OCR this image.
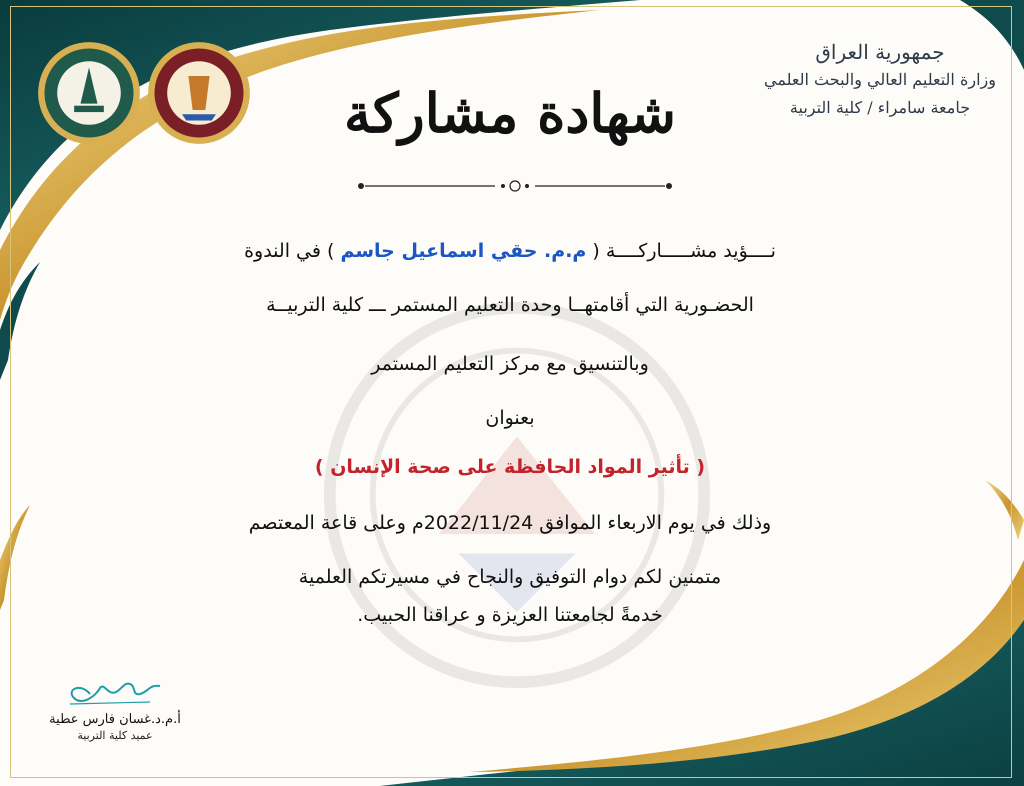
جمهورية العراق
وزارة التعليم العالي والبحث العلمي
جامعة سامراء / كلية التربية
شهادة مشاركة
نــــؤيد مشـــــاركــــة ( م.م. حقي اسماعيل جاسم ) في الندوة
الحضـورية التي أقامتهــا وحدة التعليم المستمر ـــ كلية التربيــة
وبالتنسيق مع مركز التعليم المستمر
بعنوان
( تأثير المواد الحافظة على صحة الإنسان )
وذلك في يوم الاربعاء الموافق 2022/11/24م وعلى قاعة المعتصم
متمنين لكم دوام التوفيق والنجاح في مسيرتكم العلمية
خدمةً لجامعتنا العزيزة و عراقنا الحبيب.
أ.م.د.غسان فارس عطية
عميد كلية التربية
